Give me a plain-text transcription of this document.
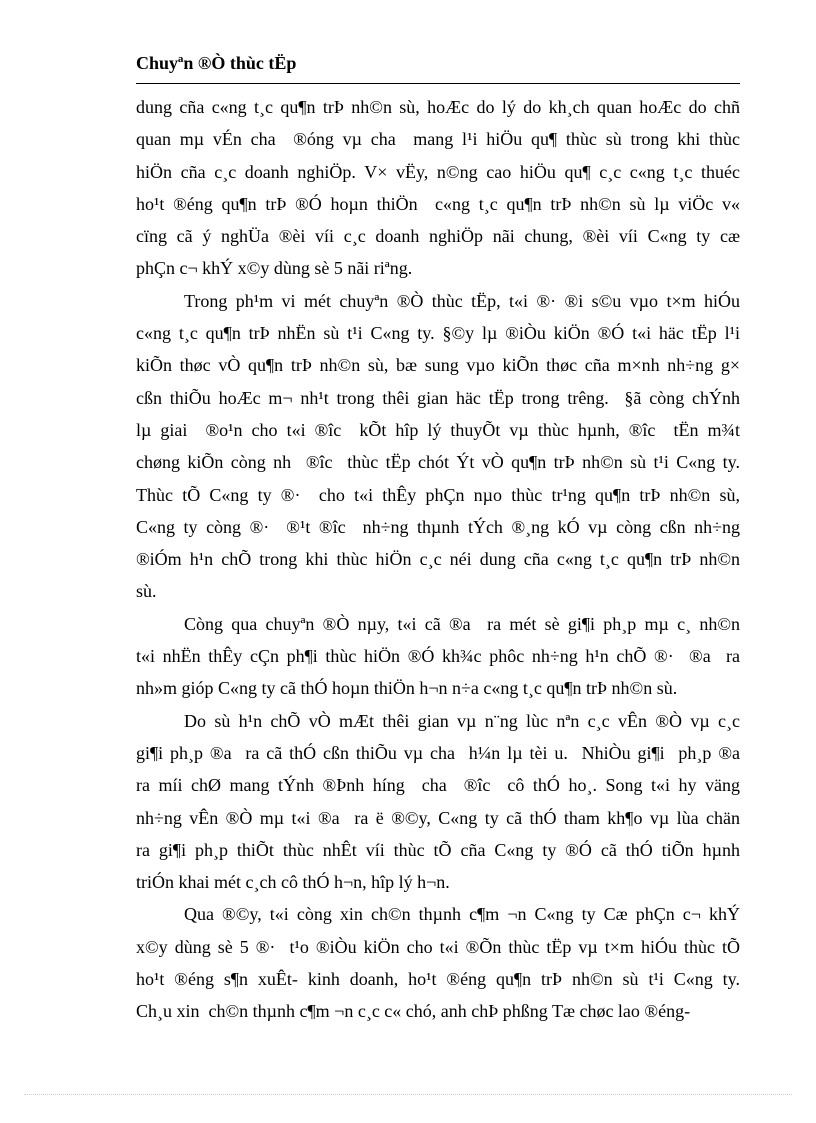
Chuyªn ®Ò thùc tËp
dung cña c«ng t¸c qu¶n trÞ nh©n sù, hoÆc do lý do kh¸ch quan hoÆc do chñ
quan mµ vÉn cha  ®óng vµ cha  mang l¹i hiÖu qu¶ thùc sù trong khi thùc
hiÖn cña c¸c doanh nghiÖp. V× vËy, n©ng cao hiÖu qu¶ c¸c c«ng t¸c thuéc
ho¹t ®éng qu¶n trÞ ®Ó hoµn thiÖn  c«ng t¸c qu¶n trÞ nh©n sù lµ viÖc v«
cïng cã ý nghÜa ®èi víi c¸c doanh nghiÖp nãi chung, ®èi víi C«ng ty cæ
phÇn c¬ khÝ x©y dùng sè 5 nãi riªng.
Trong ph¹m vi mét chuyªn ®Ò thùc tËp, t«i ®· ®i s©u vµo t×m hiÓu
c«ng t¸c qu¶n trÞ nhËn sù t¹i C«ng ty. §©y lµ ®iÒu kiÖn ®Ó t«i häc tËp l¹i
kiÕn thøc vÒ qu¶n trÞ nh©n sù, bæ sung vµo kiÕn thøc cña m×nh nh÷ng g×
cßn thiÕu hoÆc m¬ nh¹t trong thêi gian häc tËp trong trêng.  §ã còng chÝnh
lµ giai  ®o¹n cho t«i ®îc  kÕt hîp lý thuyÕt vµ thùc hµnh, ®îc  tËn m¾t
chøng kiÕn còng nh  ®îc  thùc tËp chót Ýt vÒ qu¶n trÞ nh©n sù t¹i C«ng ty.
Thùc tÕ C«ng ty ®·  cho t«i thÊy phÇn nµo thùc tr¹ng qu¶n trÞ nh©n sù,
C«ng ty còng ®·  ®¹t ®îc  nh÷ng thµnh tÝch ®¸ng kÓ vµ còng cßn nh÷ng
®iÓm h¹n chÕ trong khi thùc hiÖn c¸c néi dung cña c«ng t¸c qu¶n trÞ nh©n
sù.
Còng qua chuyªn ®Ò nµy, t«i cã ®a  ra mét sè gi¶i ph¸p mµ c¸ nh©n
t«i nhËn thÊy cÇn ph¶i thùc hiÖn ®Ó kh¾c phôc nh÷ng h¹n chÕ ®·  ®a  ra
nh»m gióp C«ng ty cã thÓ hoµn thiÖn h¬n n÷a c«ng t¸c qu¶n trÞ nh©n sù.
Do sù h¹n chÕ vÒ mÆt thêi gian vµ n¨ng lùc nªn c¸c vÊn ®Ò vµ c¸c
gi¶i ph¸p ®a  ra cã thÓ cßn thiÕu vµ cha  h¼n lµ tèi u.  NhiÒu gi¶i  ph¸p ®a
ra míi chØ mang tÝnh ®Þnh híng  cha  ®îc  cô thÓ ho¸. Song t«i hy väng
nh÷ng vÊn ®Ò mµ t«i ®a  ra ë ®©y, C«ng ty cã thÓ tham kh¶o vµ lùa chän
ra gi¶i ph¸p thiÕt thùc nhÊt víi thùc tÕ cña C«ng ty ®Ó cã thÓ tiÕn hµnh
triÓn khai mét c¸ch cô thÓ h¬n, hîp lý h¬n.
Qua ®©y, t«i còng xin ch©n thµnh c¶m ¬n C«ng ty Cæ phÇn c¬ khÝ
x©y dùng sè 5 ®·  t¹o ®iÒu kiÖn cho t«i ®Õn thùc tËp vµ t×m hiÓu thùc tÕ
ho¹t ®éng s¶n xuÊt- kinh doanh, ho¹t ®éng qu¶n trÞ nh©n sù t¹i C«ng ty.
Ch¸u xin  ch©n thµnh c¶m ¬n c¸c c« chó, anh chÞ phßng Tæ chøc lao ®éng-
